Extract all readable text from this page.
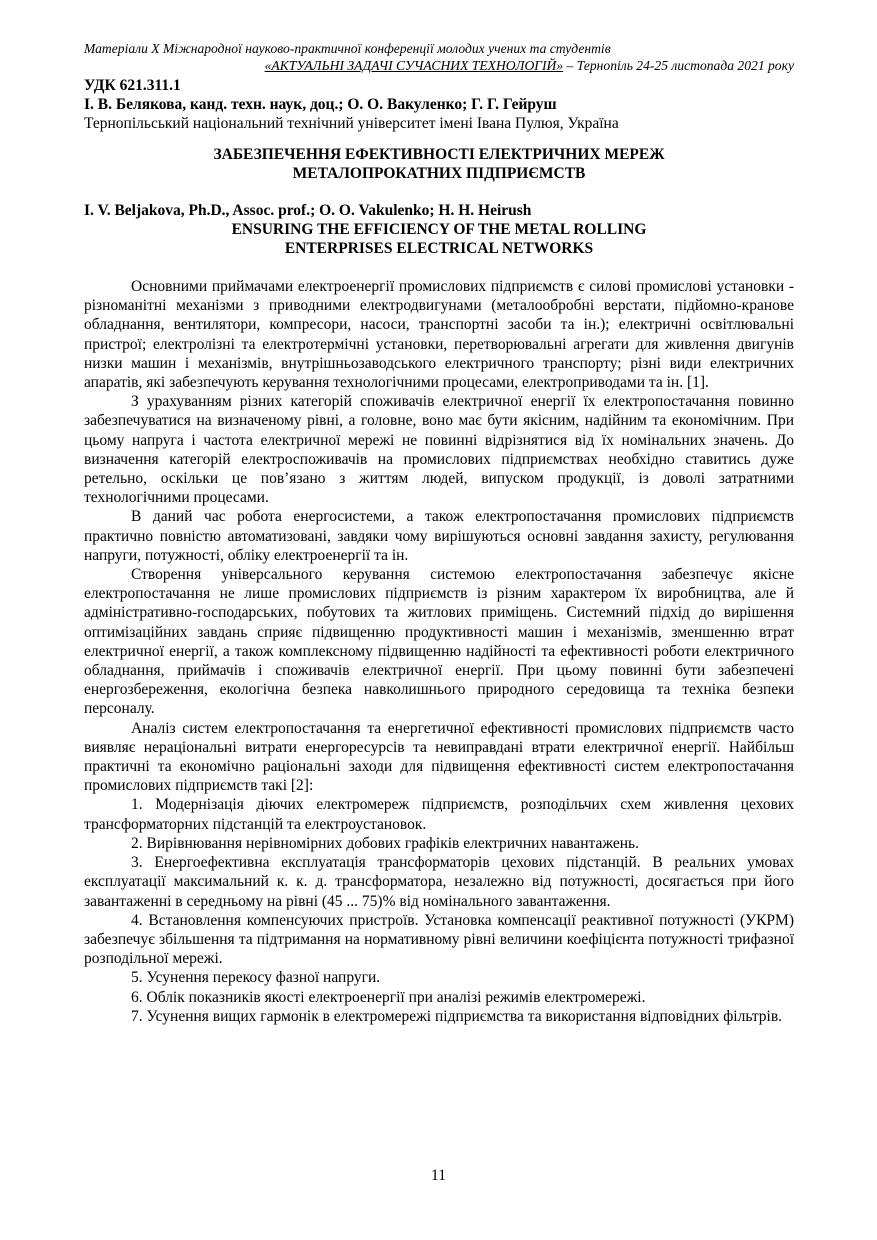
Матеріали Х Міжнародної науково-практичної конференції молодих учених та студентів
«АКТУАЛЬНІ ЗАДАЧІ СУЧАСНИХ ТЕХНОЛОГІЙ» – Тернопіль 24-25 листопада 2021 року
УДК 621.311.1
І. В. Белякова, канд. техн. наук, доц.; О. О. Вакуленко; Г. Г. Гейруш
Тернопільський національний технічний університет імені Івана Пулюя, Україна
ЗАБЕЗПЕЧЕННЯ ЕФЕКТИВНОСТІ ЕЛЕКТРИЧНИХ МЕРЕЖ
МЕТАЛОПРОКАТНИХ ПІДПРИЄМСТВ
I. V. Beljakova, Ph.D., Assoc. prof.; O. O. Vakulenko; H. H. Heirush
ENSURING THE EFFICIENCY OF THE METAL ROLLING
ENTERPRISES ELECTRICAL NETWORKS

Основними приймачами електроенергії промислових підприємств є силові промислові установки - різноманітні механізми з приводними електродвигунами (металообробні верстати, підйомно-кранове обладнання, вентилятори, компресори, насоси, транспортні засоби та ін.); електричні освітлювальні пристрої; електролізні та електротермічні установки, перетворювальні агрегати для живлення двигунів низки машин і механізмів, внутрішньозаводського електричного транспорту; різні види електричних апаратів, які забезпечують керування технологічними процесами, електроприводами та ін. [1].

З урахуванням різних категорій споживачів електричної енергії їх електропостачання повинно забезпечуватися на визначеному рівні, а головне, воно має бути якісним, надійним та економічним. При цьому напруга і частота електричної мережі не повинні відрізнятися від їх номінальних значень. До визначення категорій електроспоживачів на промислових підприємствах необхідно ставитись дуже ретельно, оскільки це пов’язано з життям людей, випуском продукції, із доволі затратними технологічними процесами.

В даний час робота енергосистеми, а також електропостачання промислових підприємств практично повністю автоматизовані, завдяки чому вирішуються основні завдання захисту, регулювання напруги, потужності, обліку електроенергії та ін.

Створення універсального керування системою електропостачання забезпечує якісне електропостачання не лише промислових підприємств із різним характером їх виробництва, але й адміністративно-господарських, побутових та житлових приміщень. Системний підхід до вирішення оптимізаційних завдань сприяє підвищенню продуктивності машин і механізмів, зменшенню втрат електричної енергії, а також комплексному підвищенню надійності та ефективності роботи електричного обладнання, приймачів і споживачів електричної енергії. При цьому повинні бути забезпечені енергозбереження, екологічна безпека навколишнього природного середовища та техніка безпеки персоналу.

Аналіз систем електропостачання та енергетичної ефективності промислових підприємств часто виявляє нераціональні витрати енергоресурсів та невиправдані втрати електричної енергії. Найбільш практичні та економічно раціональні заходи для підвищення ефективності систем електропостачання промислових підприємств такі [2]:

1. Модернізація діючих електромереж підприємств, розподільчих схем живлення цехових трансформаторних підстанцій та електроустановок.

2. Вирівнювання нерівномірних добових графіків електричних навантажень.

3. Енергоефективна експлуатація трансформаторів цехових підстанцій. В реальних умовах експлуатації максимальний к. к. д. трансформатора, незалежно від потужності, досягається при його завантаженні в середньому на рівні (45 ... 75)% від номінального завантаження.

4. Встановлення компенсуючих пристроїв. Установка компенсації реактивної потужності (УКРМ) забезпечує збільшення та підтримання на нормативному рівні величини коефіцієнта потужності трифазної розподільної мережі.

5. Усунення перекосу фазної напруги.

6. Облік показників якості електроенергії при аналізі режимів електромережі.

7. Усунення вищих гармонік в електромережі підприємства та використання відповідних фільтрів.

11
